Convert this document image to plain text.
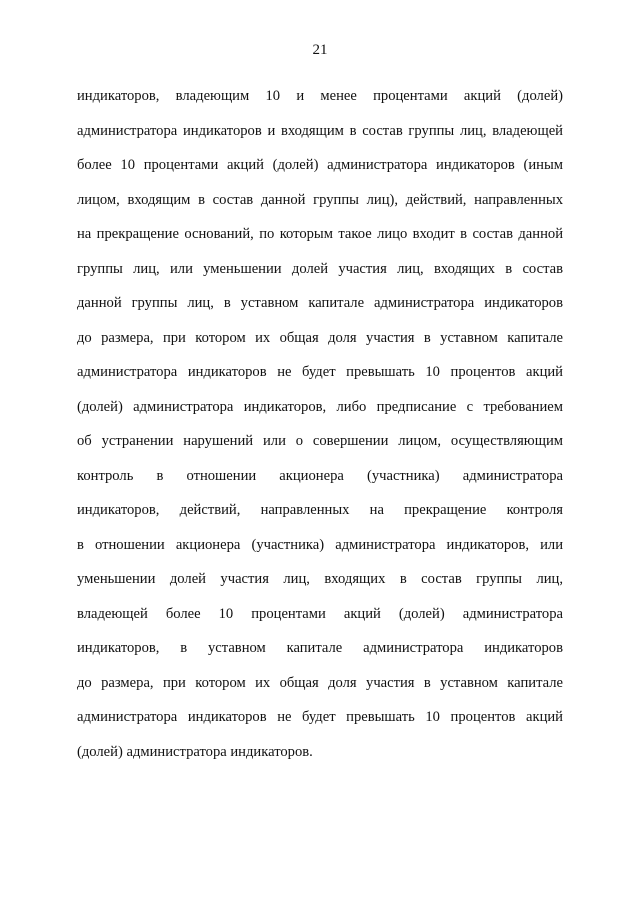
21
индикаторов, владеющим 10 и менее процентами акций (долей)
администратора индикаторов и входящим в состав группы лиц, владеющей
более 10 процентами акций (долей) администратора индикаторов (иным
лицом, входящим в состав данной группы лиц), действий, направленных
на прекращение оснований, по которым такое лицо входит в состав данной
группы лиц, или уменьшении долей участия лиц, входящих в состав
данной группы лиц, в уставном капитале администратора индикаторов
до размера, при котором их общая доля участия в уставном капитале
администратора индикаторов не будет превышать 10 процентов акций
(долей) администратора индикаторов, либо предписание с требованием
об устранении нарушений или о совершении лицом, осуществляющим
контроль в отношении акционера (участника) администратора
индикаторов, действий, направленных на прекращение контроля
в отношении акционера (участника) администратора индикаторов, или
уменьшении долей участия лиц, входящих в состав группы лиц,
владеющей более 10 процентами акций (долей) администратора
индикаторов, в уставном капитале администратора индикаторов
до размера, при котором их общая доля участия в уставном капитале
администратора индикаторов не будет превышать 10 процентов акций
(долей) администратора индикаторов.
